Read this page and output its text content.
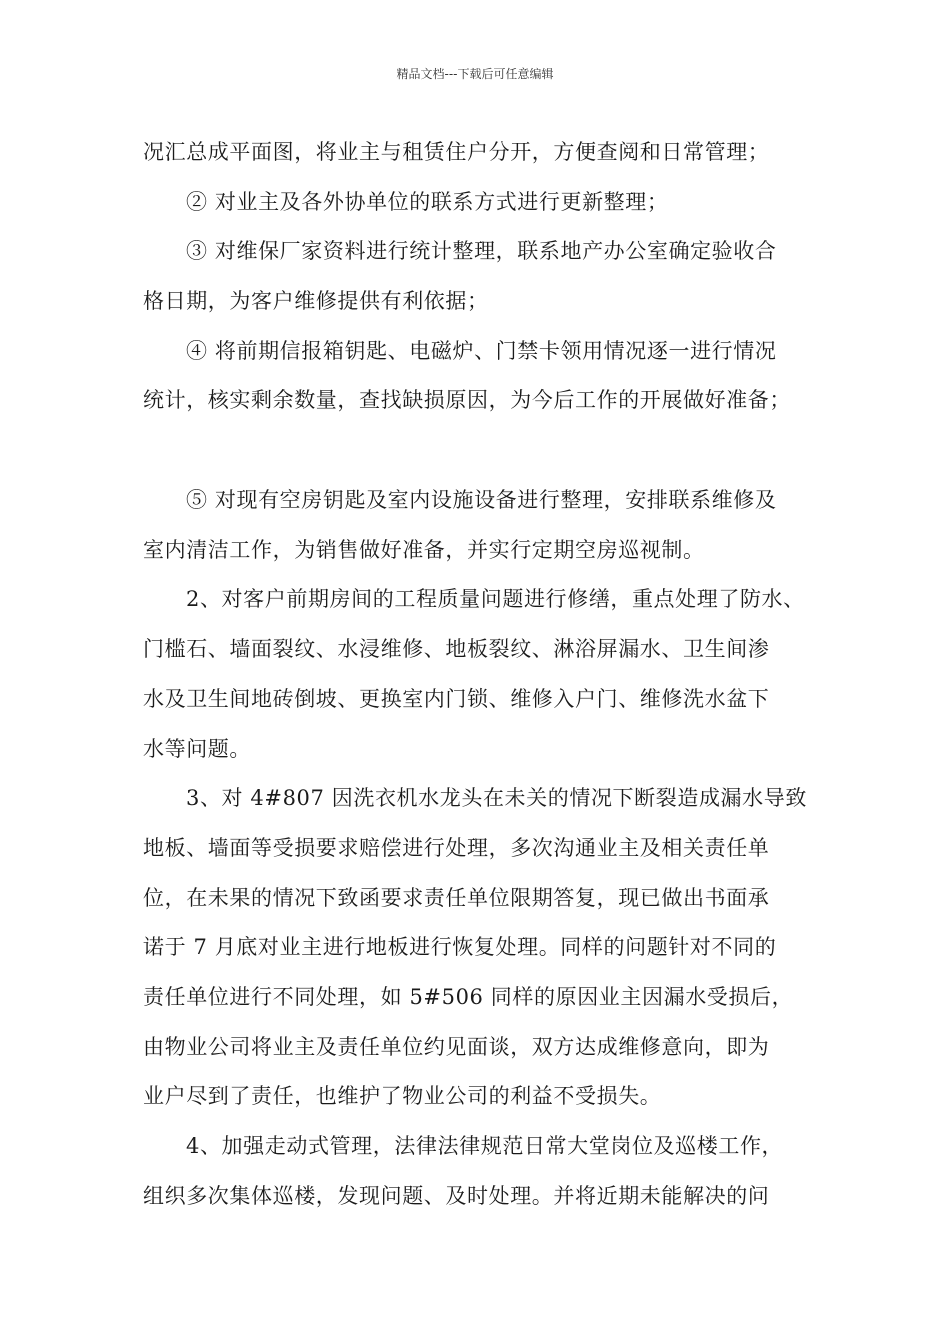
精品文档---下载后可任意编辑
况汇总成平面图，将业主与租赁住户分开，方便查阅和日常管理；
② 对业主及各外协单位的联系方式进行更新整理；
③ 对维保厂家资料进行统计整理，联系地产办公室确定验收合
格日期，为客户维修提供有利依据；
④ 将前期信报箱钥匙、电磁炉、门禁卡领用情况逐一进行情况
统计，核实剩余数量，查找缺损原因，为今后工作的开展做好准备；
⑤ 对现有空房钥匙及室内设施设备进行整理，安排联系维修及
室内清洁工作，为销售做好准备，并实行定期空房巡视制。
2、对客户前期房间的工程质量问题进行修缮，重点处理了防水、
门槛石、墙面裂纹、水浸维修、地板裂纹、淋浴屏漏水、卫生间渗
水及卫生间地砖倒坡、更换室内门锁、维修入户门、维修洗水盆下
水等问题。
3、对 4#807 因洗衣机水龙头在未关的情况下断裂造成漏水导致
地板、墙面等受损要求赔偿进行处理，多次沟通业主及相关责任单
位，在未果的情况下致函要求责任单位限期答复，现已做出书面承
诺于 7 月底对业主进行地板进行恢复处理。同样的问题针对不同的
责任单位进行不同处理，如 5#506 同样的原因业主因漏水受损后，
由物业公司将业主及责任单位约见面谈，双方达成维修意向，即为
业户尽到了责任，也维护了物业公司的利益不受损失。
4、加强走动式管理，法律法律规范日常大堂岗位及巡楼工作，
组织多次集体巡楼，发现问题、及时处理。并将近期未能解决的问
